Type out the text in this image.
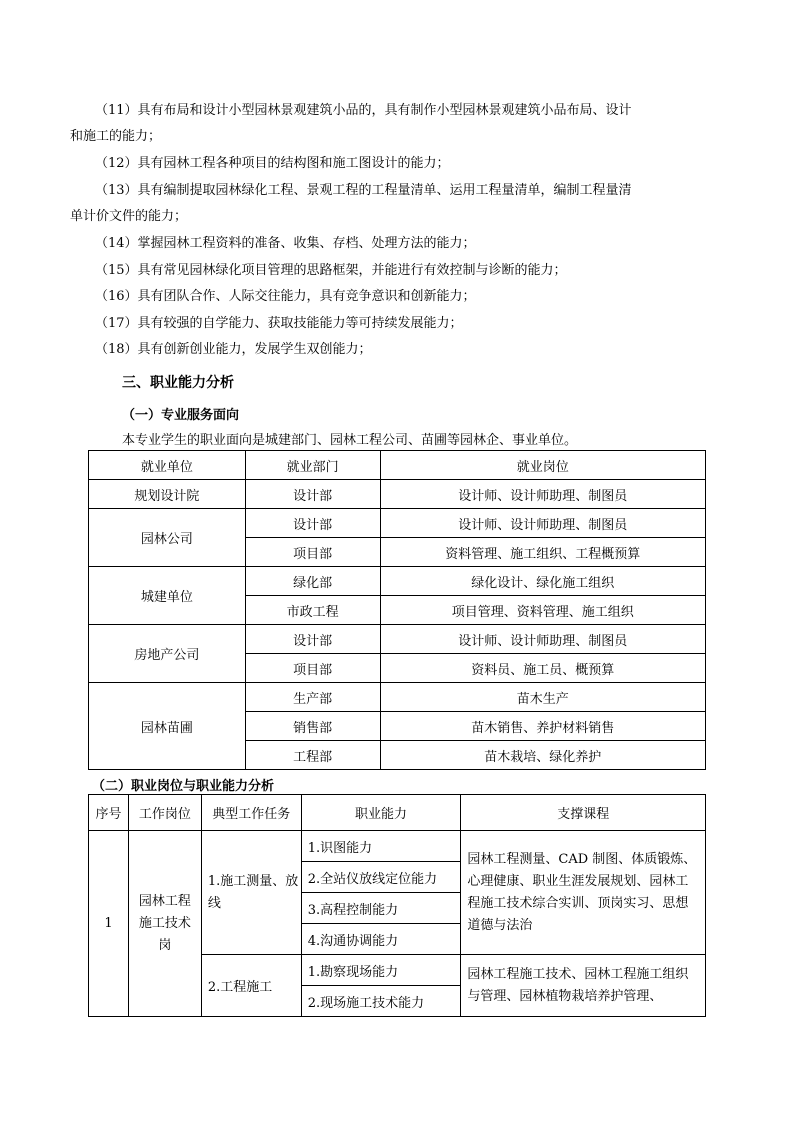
（11）具有布局和设计小型园林景观建筑小品的，具有制作小型园林景观建筑小品布局、设计
和施工的能力；
（12）具有园林工程各种项目的结构图和施工图设计的能力；
（13）具有编制提取园林绿化工程、景观工程的工程量清单、运用工程量清单，编制工程量清
单计价文件的能力；
（14）掌握园林工程资料的准备、收集、存档、处理方法的能力；
（15）具有常见园林绿化项目管理的思路框架，并能进行有效控制与诊断的能力；
（16）具有团队合作、人际交往能力，具有竞争意识和创新能力；
（17）具有较强的自学能力、获取技能能力等可持续发展能力；
（18）具有创新创业能力，发展学生双创能力；
三、职业能力分析
（一）专业服务面向
本专业学生的职业面向是城建部门、园林工程公司、苗圃等园林企、事业单位。
就业单位	就业部门	就业岗位
规划设计院	设计部	设计师、设计师助理、制图员
园林公司	设计部	设计师、设计师助理、制图员
	项目部	资料管理、施工组织、工程概预算
城建单位	绿化部	绿化设计、绿化施工组织
	市政工程	项目管理、资料管理、施工组织
房地产公司	设计部	设计师、设计师助理、制图员
	项目部	资料员、施工员、概预算
园林苗圃	生产部	苗木生产
	销售部	苗木销售、养护材料销售
	工程部	苗木栽培、绿化养护
（二）职业岗位与职业能力分析
序号	工作岗位	典型工作任务	职业能力	支撑课程
1	园林工程施工技术岗	1.施工测量、放线	1.识图能力	园林工程测量、CAD 制图、体质锻炼、心理健康、职业生涯发展规划、园林工程施工技术综合实训、顶岗实习、思想道德与法治
			2.全站仪放线定位能力	
			3.高程控制能力	
			4.沟通协调能力	
		2.工程施工	1.勘察现场能力	园林工程施工技术、园林工程施工组织与管理、园林植物栽培养护管理、
			2.现场施工技术能力	
